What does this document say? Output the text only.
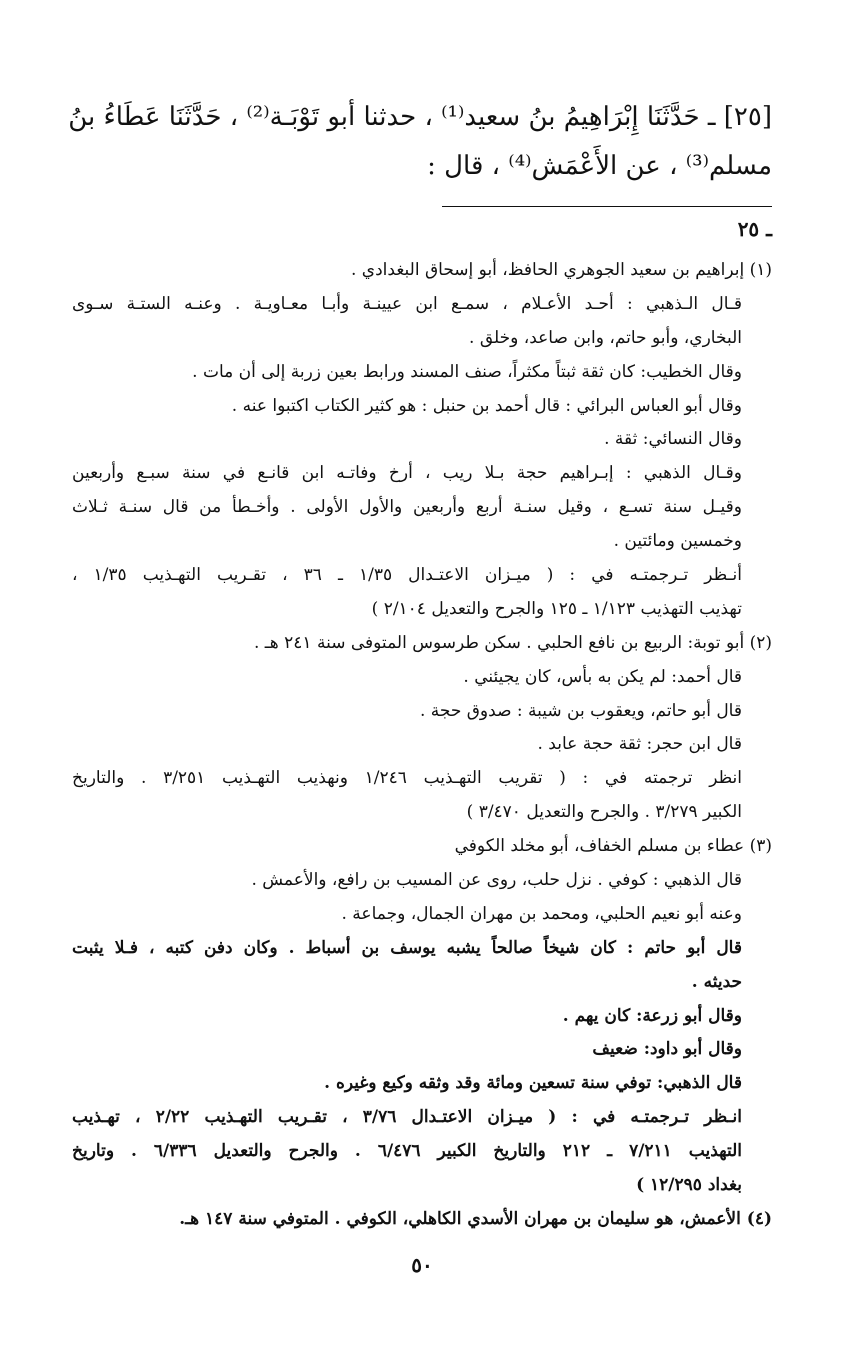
[٢٥] ـ حَدَّثَنَا إِبْرَاهِيمُ بنُ سعيد⁽¹⁾ ، حدثنا أبو تَوْبَـة⁽²⁾ ، حَدَّثَنَا عَطَاءُ بنُ
مسلم⁽³⁾ ، عن الأَعْمَش⁽⁴⁾ ، قال :
ـ ٢٥
(١) إبراهيم بن سعيد الجوهري الحافظ، أبو إسحاق البغدادي .
قـال الـذهبي : أحـد الأعـلام ، سمـع ابن عيينـة وأبـا معـاويـة . وعنـه الستـة سـوى
البخاري، وأبو حاتم، وابن صاعد، وخلق .
وقال الخطيب: كان ثقة ثبتاً مكثراً، صنف المسند ورابط بعين زربة إلى أن مات .
وقال أبو العباس البرائي : قال أحمد بن حنبل : هو كثير الكتاب اكتبوا عنه .
وقال النسائي: ثقة .
وقـال الذهبي : إبـراهيم حجة بـلا ريب ، أرخ وفاتـه ابن قانـع في سنة سبـع وأربعين
وقيـل سنة تسـع ، وقيل سنـة أربع وأربعين والأول الأولى . وأخـطأ من قال سنـة ثـلاث
وخمسين ومائتين .
أنـظر تـرجمتـه في : ( ميـزان الاعتـدال ١/٣٥ ـ ٣٦ ، تقـريب التهـذيب ١/٣٥ ،
تهذيب التهذيب ١/١٢٣ ـ ١٢٥ والجرح والتعديل ٢/١٠٤ )
(٢) أبو توبة: الربيع بن نافع الحلبي . سكن طرسوس المتوفى سنة ٢٤١ هـ .
قال أحمد: لم يكن به بأس، كان يجيئني .
قال أبو حاتم، ويعقوب بن شيبة : صدوق حجة .
قال ابن حجر: ثقة حجة عابد .
انظر ترجمته في : ( تقريب التهـذيب ١/٢٤٦ ونهذيب التهـذيب ٣/٢٥١ . والتاريخ
الكبير ٣/٢٧٩ . والجرح والتعديل ٣/٤٧٠ )
(٣) عطاء بن مسلم الخفاف، أبو مخلد الكوفي
قال الذهبي : كوفي . نزل حلب، روى عن المسيب بن رافع، والأعمش .
وعنه أبو نعيم الحلبي، ومحمد بن مهران الجمال، وجماعة .
قال أبو حاتم : كان شيخاً صالحاً يشبه يوسف بن أسباط . وكان دفن كتبه ، فـلا يثبت
حديثه .
وقال أبو زرعة: كان يهم .
وقال أبو داود: ضعيف
قال الذهبي: توفي سنة تسعين ومائة وقد وثقه وكيع وغيره .
انـظر تـرجمتـه في : ( ميـزان الاعتـدال ٣/٧٦ ، تقـريب التهـذيب ٢/٢٢ ، تهـذيب
التهذيب ٧/٢١١ ـ ٢١٢ والتاريخ الكبير ٦/٤٧٦ . والجرح والتعديل ٦/٣٣٦ . وتاريخ
بغداد ١٢/٢٩٥ )
(٤) الأعمش، هو سليمان بن مهران الأسدي الكاهلي، الكوفي . المتوفي سنة ١٤٧ هـ.
٥٠
